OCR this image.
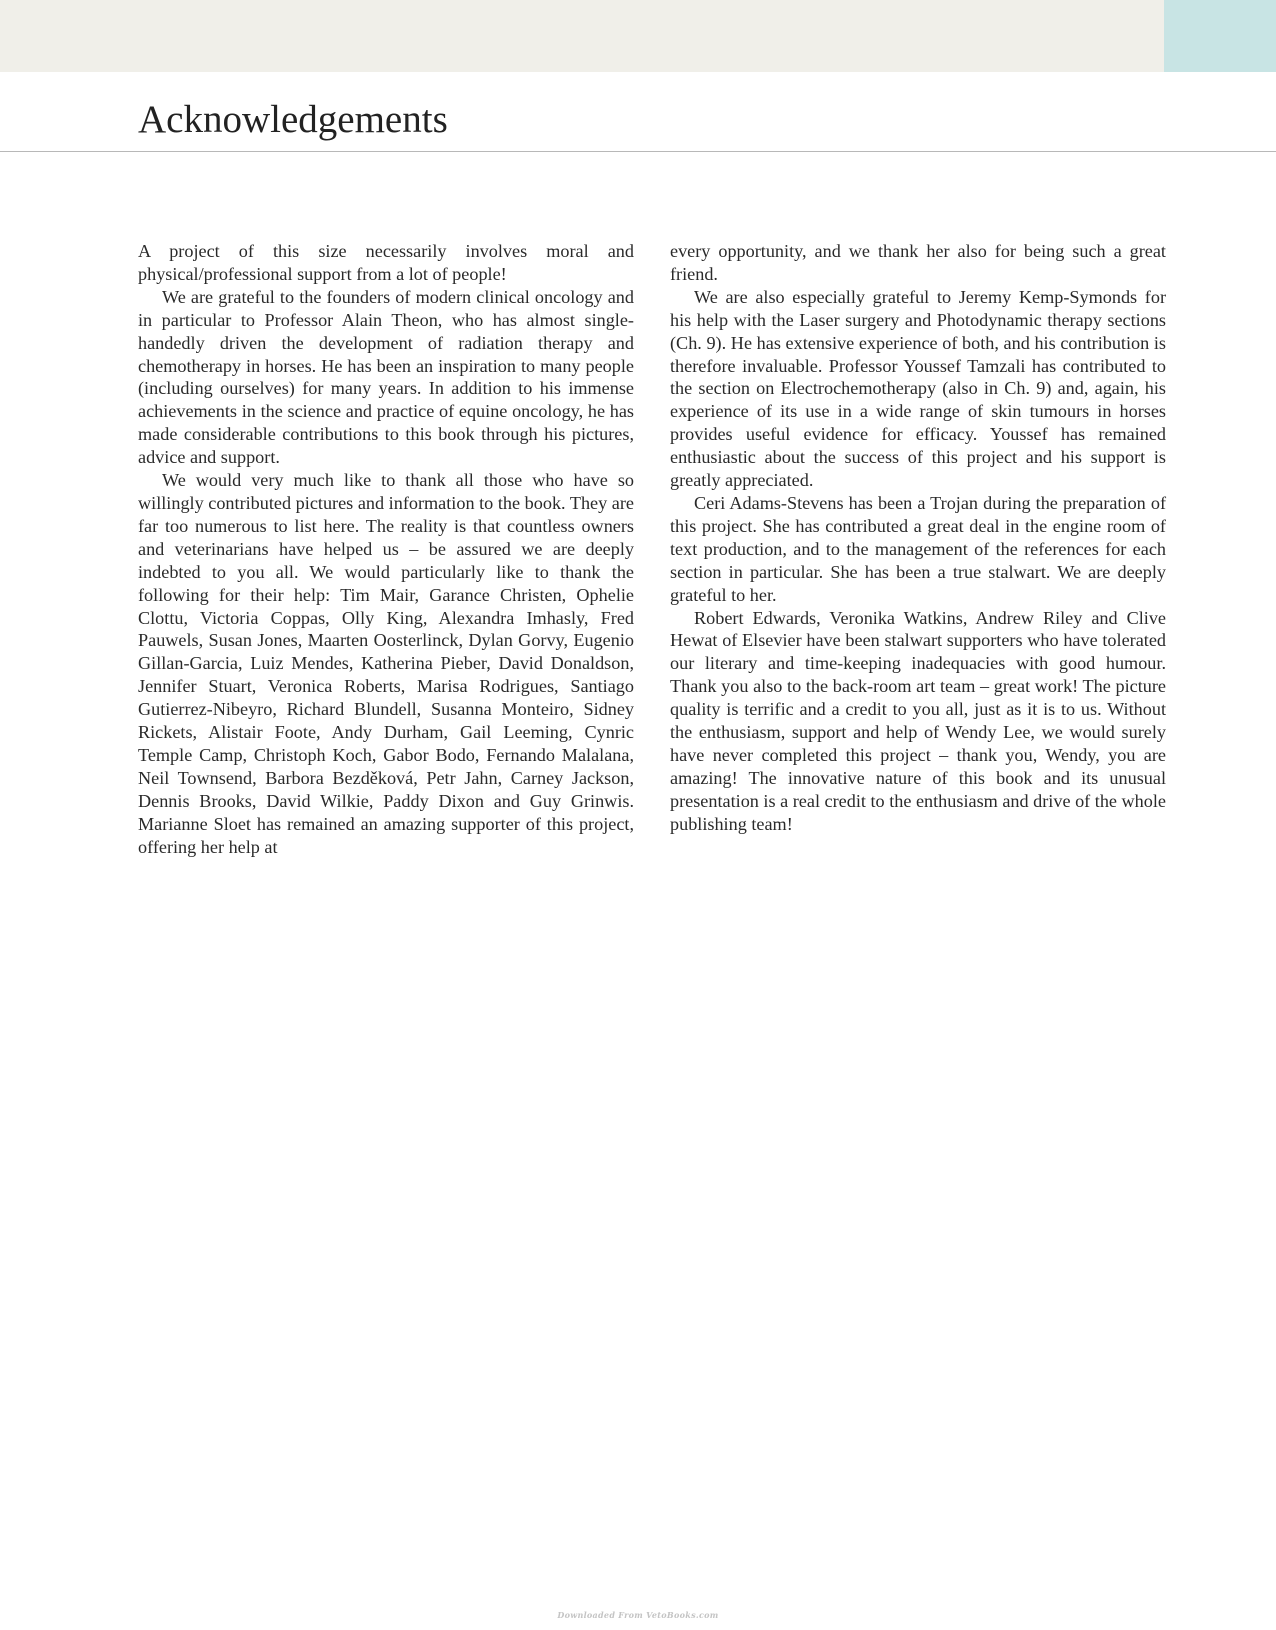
Acknowledgements

A project of this size necessarily involves moral and physical/professional support from a lot of people!

We are grateful to the founders of modern clinical oncology and in particular to Professor Alain Theon, who has almost single-handedly driven the development of radiation therapy and chemotherapy in horses. He has been an inspiration to many people (including ourselves) for many years. In addition to his immense achievements in the science and practice of equine oncology, he has made considerable contributions to this book through his pictures, advice and support.

We would very much like to thank all those who have so willingly contributed pictures and information to the book. They are far too numerous to list here. The reality is that countless owners and veterinarians have helped us – be assured we are deeply indebted to you all. We would particularly like to thank the following for their help: Tim Mair, Garance Christen, Ophelie Clottu, Victoria Coppas, Olly King, Alexandra Imhasly, Fred Pauwels, Susan Jones, Maarten Oosterlinck, Dylan Gorvy, Eugenio Gillan-Garcia, Luiz Mendes, Katherina Pieber, David Donaldson, Jennifer Stuart, Veronica Roberts, Marisa Rodrigues, Santiago Gutierrez-Nibeyro, Richard Blundell, Susanna Monteiro, Sidney Rickets, Alistair Foote, Andy Durham, Gail Leeming, Cynric Temple Camp, Christoph Koch, Gabor Bodo, Fernando Malalana, Neil Townsend, Barbora Bezděková, Petr Jahn, Carney Jackson, Dennis Brooks, David Wilkie, Paddy Dixon and Guy Grinwis. Marianne Sloet has remained an amazing supporter of this project, offering her help at

every opportunity, and we thank her also for being such a great friend.

We are also especially grateful to Jeremy Kemp-Symonds for his help with the Laser surgery and Photodynamic therapy sections (Ch. 9). He has extensive experience of both, and his contribution is therefore invaluable. Professor Youssef Tamzali has contributed to the section on Electrochemotherapy (also in Ch. 9) and, again, his experience of its use in a wide range of skin tumours in horses provides useful evidence for efficacy. Youssef has remained enthusiastic about the success of this project and his support is greatly appreciated.

Ceri Adams-Stevens has been a Trojan during the preparation of this project. She has contributed a great deal in the engine room of text production, and to the management of the references for each section in particular. She has been a true stalwart. We are deeply grateful to her.

Robert Edwards, Veronika Watkins, Andrew Riley and Clive Hewat of Elsevier have been stalwart supporters who have tolerated our literary and time-keeping inadequacies with good humour. Thank you also to the back-room art team – great work! The picture quality is terrific and a credit to you all, just as it is to us. Without the enthusiasm, support and help of Wendy Lee, we would surely have never completed this project – thank you, Wendy, you are amazing! The innovative nature of this book and its unusual presentation is a real credit to the enthusiasm and drive of the whole publishing team!

Downloaded From VetoBooks.com
